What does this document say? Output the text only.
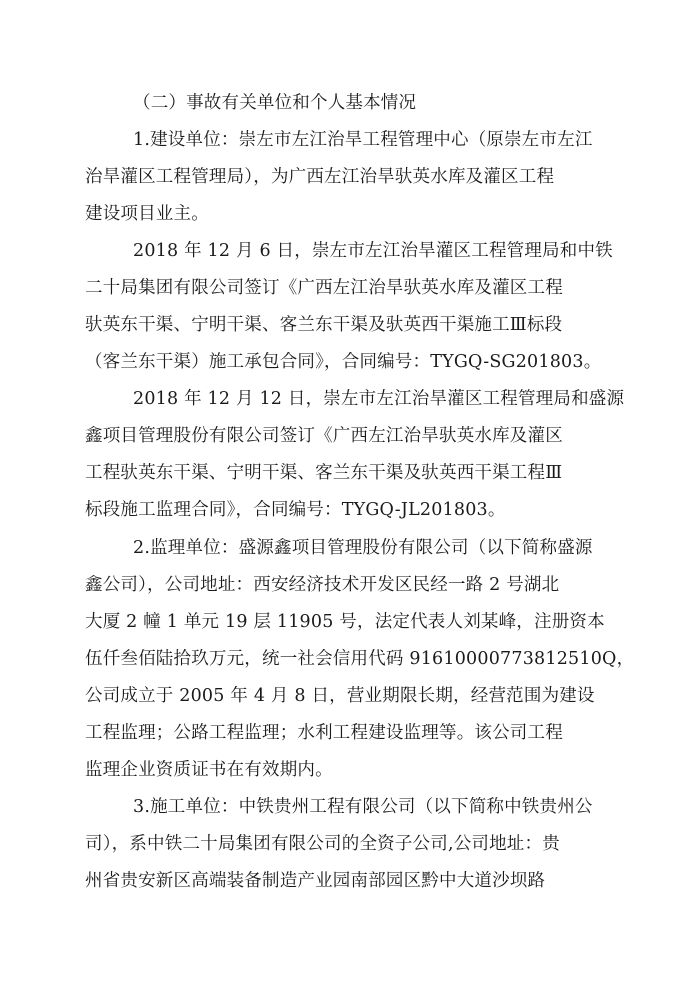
（二）事故有关单位和个人基本情况
1.建设单位：崇左市左江治旱工程管理中心（原崇左市左江
治旱灌区工程管理局），为广西左江治旱驮英水库及灌区工程
建设项目业主。
2018 年 12 月 6 日，崇左市左江治旱灌区工程管理局和中铁
二十局集团有限公司签订《广西左江治旱驮英水库及灌区工程
驮英东干渠、宁明干渠、客兰东干渠及驮英西干渠施工Ⅲ标段
（客兰东干渠）施工承包合同》，合同编号：TYGQ-SG201803。
2018 年 12 月 12 日，崇左市左江治旱灌区工程管理局和盛源
鑫项目管理股份有限公司签订《广西左江治旱驮英水库及灌区
工程驮英东干渠、宁明干渠、客兰东干渠及驮英西干渠工程Ⅲ
标段施工监理合同》，合同编号：TYGQ-JL201803。
2.监理单位：盛源鑫项目管理股份有限公司（以下简称盛源
鑫公司），公司地址：西安经济技术开发区民经一路 2 号湖北
大厦 2 幢 1 单元 19 层 11905 号，法定代表人刘某峰，注册资本
伍仟叁佰陆拾玖万元，统一社会信用代码 91610000773812510Q，
公司成立于 2005 年 4 月 8 日，营业期限长期，经营范围为建设
工程监理；公路工程监理；水利工程建设监理等。该公司工程
监理企业资质证书在有效期内。
3.施工单位：中铁贵州工程有限公司（以下简称中铁贵州公
司），系中铁二十局集团有限公司的全资子公司,公司地址：贵
州省贵安新区高端装备制造产业园南部园区黔中大道沙坝路
